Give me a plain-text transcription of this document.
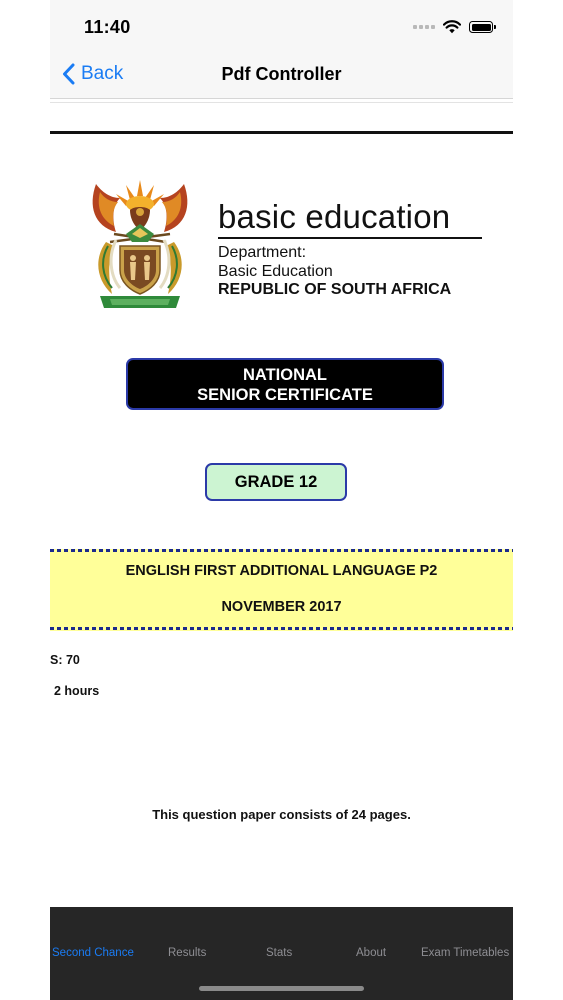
11:40
Back	Pdf Controller
basic education
Department:
Basic Education
REPUBLIC OF SOUTH AFRICA
NATIONAL
SENIOR CERTIFICATE
GRADE 12
ENGLISH FIRST ADDITIONAL LANGUAGE P2
NOVEMBER 2017
S: 70
2 hours
This question paper consists of 24 pages.
Second Chance	Results	Stats	About	Exam Timetables
